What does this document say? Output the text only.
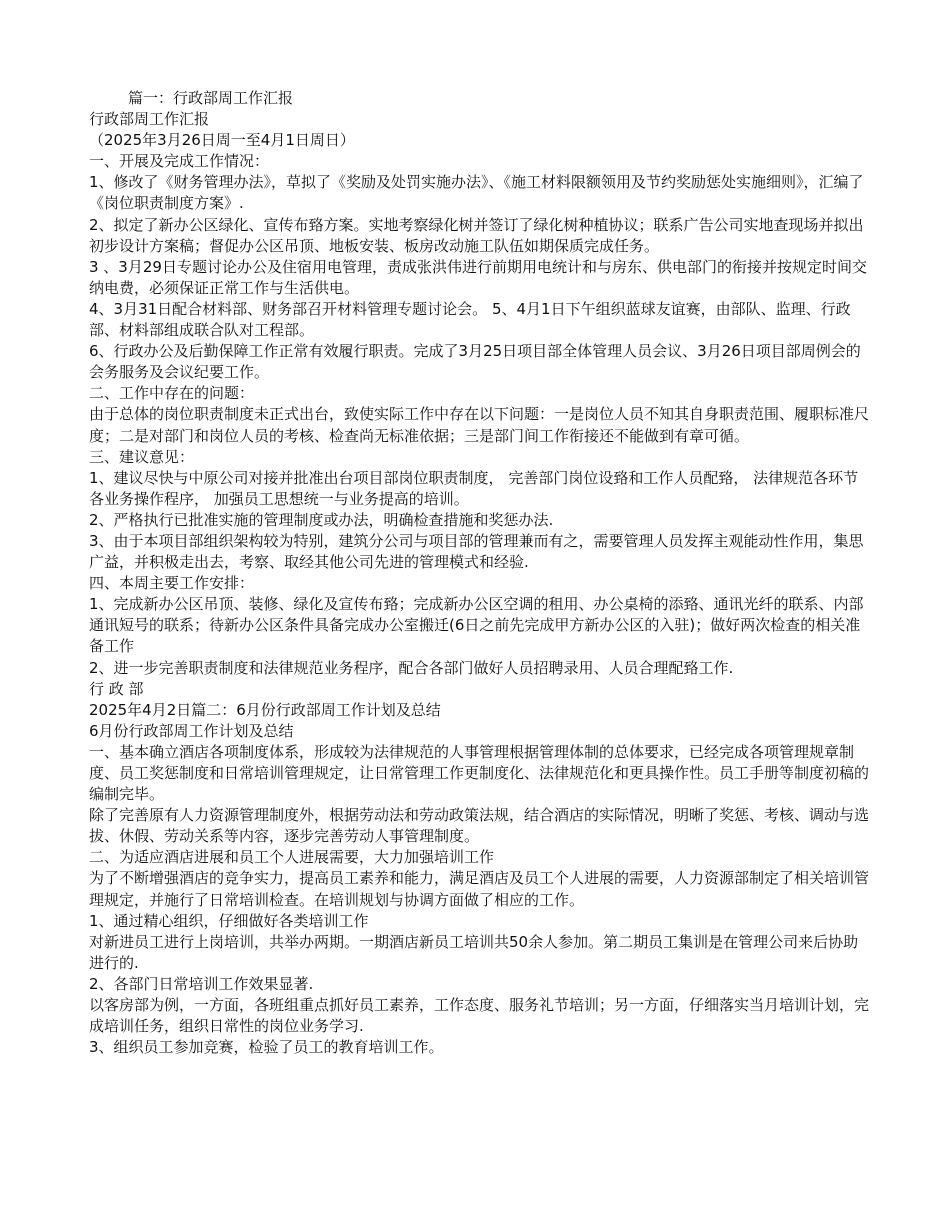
篇一：行政部周工作汇报

行政部周工作汇报

（2025年3月26日周一至4月1日周日）

一、开展及完成工作情况：

1、修改了《财务管理办法》，草拟了《奖励及处罚实施办法》、《施工材料限额领用及节约奖励惩处实施细则》，汇编了《岗位职责制度方案》.

2、拟定了新办公区绿化、宣传布臵方案。实地考察绿化树并签订了绿化树种植协议；联系广告公司实地查现场并拟出初步设计方案稿；督促办公区吊顶、地板安装、板房改动施工队伍如期保质完成任务。

3 、3月29日专题讨论办公及住宿用电管理，责成张洪伟进行前期用电统计和与房东、供电部门的衔接并按规定时间交纳电费，必须保证正常工作与生活供电。

4、3月31日配合材料部、财务部召开材料管理专题讨论会。 5、4月1日下午组织蓝球友谊赛，由部队、监理、行政部、材料部组成联合队对工程部。

6、行政办公及后勤保障工作正常有效履行职责。完成了3月25日项目部全体管理人员会议、3月26日项目部周例会的会务服务及会议纪要工作。

二、工作中存在的问题：

由于总体的岗位职责制度未正式出台，致使实际工作中存在以下问题：一是岗位人员不知其自身职责范围、履职标准尺度；二是对部门和岗位人员的考核、检查尚无标准依据；三是部门间工作衔接还不能做到有章可循。

三、建议意见：

1、建议尽快与中原公司对接并批准出台项目部岗位职责制度， 完善部门岗位设臵和工作人员配臵， 法律规范各环节各业务操作程序， 加强员工思想统一与业务提高的培训。

2、严格执行已批准实施的管理制度或办法，明确检查措施和奖惩办法.

3、由于本项目部组织架构较为特别，建筑分公司与项目部的管理兼而有之，需要管理人员发挥主观能动性作用，集思广益，并积极走出去，考察、取经其他公司先进的管理模式和经验.

四、本周主要工作安排：

1、完成新办公区吊顶、装修、绿化及宣传布臵；完成新办公区空调的租用、办公桌椅的添臵、通讯光纤的联系、内部通讯短号的联系；待新办公区条件具备完成办公室搬迁(6日之前先完成甲方新办公区的入驻)；做好两次检查的相关准备工作

2、进一步完善职责制度和法律规范业务程序，配合各部门做好人员招聘录用、人员合理配臵工作.

行 政 部

2025年4月2日篇二：6月份行政部周工作计划及总结

6月份行政部周工作计划及总结

一、基本确立酒店各项制度体系，形成较为法律规范的人事管理根据管理体制的总体要求，已经完成各项管理规章制度、员工奖惩制度和日常培训管理规定，让日常管理工作更制度化、法律规范化和更具操作性。员工手册等制度初稿的编制完毕。

除了完善原有人力资源管理制度外，根据劳动法和劳动政策法规，结合酒店的实际情况，明晰了奖惩、考核、调动与选拔、休假、劳动关系等内容，逐步完善劳动人事管理制度。

二、为适应酒店进展和员工个人进展需要，大力加强培训工作

为了不断增强酒店的竞争实力，提高员工素养和能力，满足酒店及员工个人进展的需要，人力资源部制定了相关培训管理规定，并施行了日常培训检查。在培训规划与协调方面做了相应的工作。

1、通过精心组织，仔细做好各类培训工作

对新进员工进行上岗培训，共举办两期。一期酒店新员工培训共50余人参加。第二期员工集训是在管理公司来后协助进行的.

2、各部门日常培训工作效果显著.

以客房部为例，一方面，各班组重点抓好员工素养，工作态度、服务礼节培训；另一方面，仔细落实当月培训计划，完成培训任务，组织日常性的岗位业务学习.

3、组织员工参加竞赛，检验了员工的教育培训工作。
